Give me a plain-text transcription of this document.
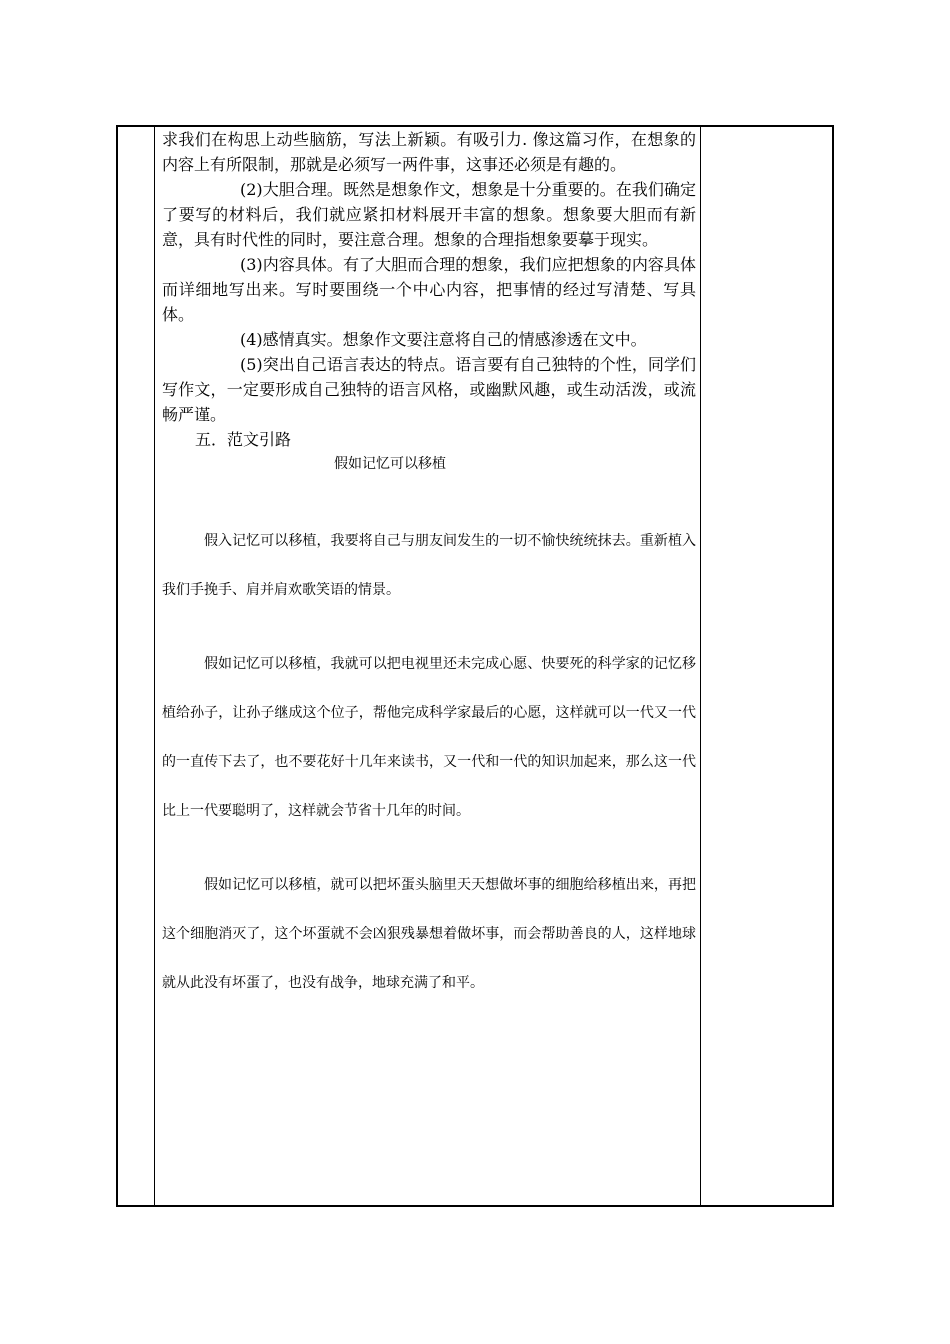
求我们在构思上动些脑筋，写法上新颖。有吸引力. 像这篇习作，在想象的内容上有所限制，那就是必须写一两件事，这事还必须是有趣的。

(2)大胆合理。既然是想象作文，想象是十分重要的。在我们确定了要写的材料后，我们就应紧扣材料展开丰富的想象。想象要大胆而有新意，具有时代性的同时，要注意合理。想象的合理指想象要摹于现实。

(3)内容具体。有了大胆而合理的想象，我们应把想象的内容具体而详细地写出来。写时要围绕一个中心内容，把事情的经过写清楚、写具体。

(4)感情真实。想象作文要注意将自己的情感渗透在文中。

(5)突出自己语言表达的特点。语言要有自己独特的个性，同学们写作文，一定要形成自己独特的语言风格，或幽默风趣，或生动活泼，或流畅严谨。

五．范文引路
假如记忆可以移植

假入记忆可以移植，我要将自己与朋友间发生的一切不愉快统统抹去。重新植入我们手挽手、肩并肩欢歌笑语的情景。

假如记忆可以移植，我就可以把电视里还未完成心愿、快要死的科学家的记忆移植给孙子，让孙子继成这个位子，帮他完成科学家最后的心愿，这样就可以一代又一代的一直传下去了，也不要花好十几年来读书，又一代和一代的知识加起来，那么这一代比上一代要聪明了，这样就会节省十几年的时间。

假如记忆可以移植，就可以把坏蛋头脑里天天想做坏事的细胞给移植出来，再把这个细胞消灭了，这个坏蛋就不会凶狠残暴想着做坏事，而会帮助善良的人，这样地球就从此没有坏蛋了，也没有战争，地球充满了和平。
